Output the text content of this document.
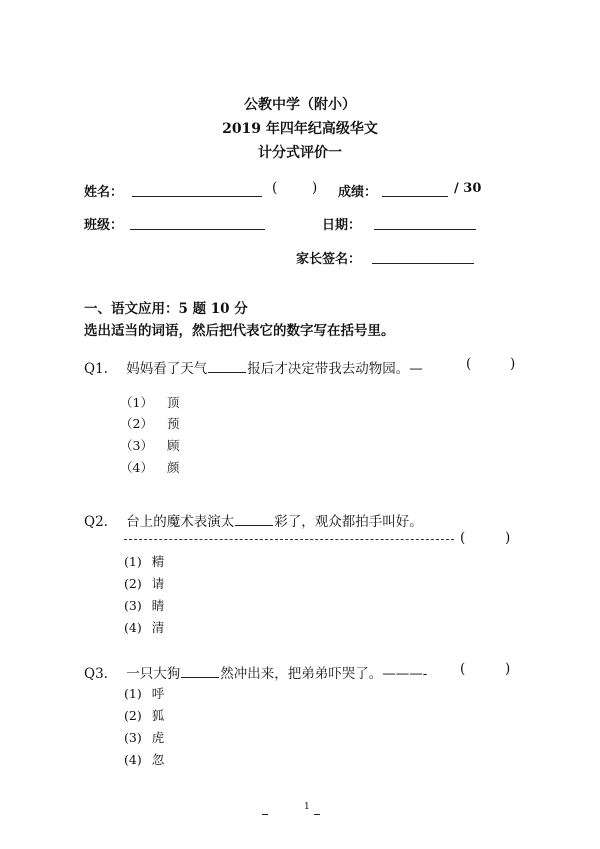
公教中学（附小）
2019 年四年纪高级华文
计分式评价一
姓名：	(	) 成绩：	/ 30
班级：	日期：
家长签名：
一、语文应用：5 题 10 分
选出适当的词语，然后把代表它的数字写在括号里。
Q1. 妈妈看了天气	报后才决定带我去动物园。—	(	)
（1） 顶
（2） 预
（3） 顾
（4） 颜
Q2. 台上的魔术表演太	彩了，观众都拍手叫好。
(	)
(1) 精
(2) 请
(3) 睛
(4) 清
Q3. 一只大狗	然冲出来，把弟弟吓哭了。———- (	)
(1) 呼
(2) 狐
(3) 虎
(4) 忽
1
